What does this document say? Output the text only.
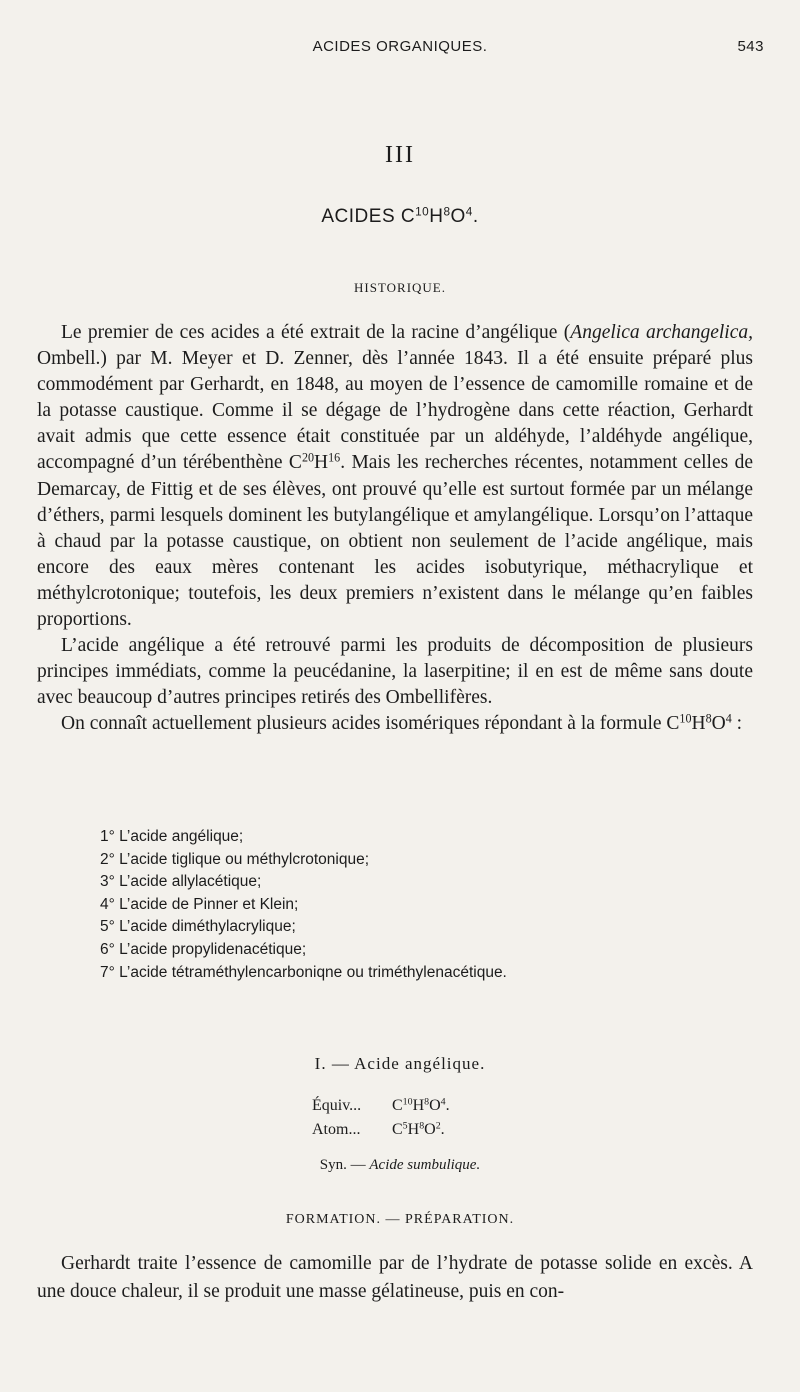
ACIDES ORGANIQUES.	543
III
ACIDES $C^{10}H^8O^4$.
HISTORIQUE.

Le premier de ces acides a été extrait de la racine d’angélique (Angelica archangelica, Ombell.) par M. Meyer et D. Zenner, dès l’année 1843. Il a été ensuite préparé plus commodément par Gerhardt, en 1848, au moyen de l’essence de camomille romaine et de la potasse caustique. Comme il se dégage de l’hydrogène dans cette réaction, Gerhardt avait admis que cette essence était constituée par un aldéhyde, l’aldéhyde angélique, accompagné d’un térébenthène $C^{20}H^{16}$. Mais les recherches récentes, notamment celles de Demarcay, de Fittig et de ses élèves, ont prouvé qu’elle est surtout formée par un mélange d’éthers, parmi lesquels dominent les butylangélique et amylangélique. Lorsqu’on l’attaque à chaud par la potasse caustique, on obtient non seulement de l’acide angélique, mais encore des eaux mères contenant les acides isobutyrique, méthacrylique et méthylcrotonique; toutefois, les deux premiers n’existent dans le mélange qu’en faibles proportions.

L’acide angélique a été retrouvé parmi les produits de décomposition de plusieurs principes immédiats, comme la peucédanine, la laserpitine; il en est de même sans doute avec beaucoup d’autres principes retirés des Ombellifères.

On connaît actuellement plusieurs acides isomériques répondant à la formule $C^{10}H^8O^4$ :

1° L’acide angélique;
2° L’acide tiglique ou méthylcrotonique;
3° L’acide allylacétique;
4° L’acide de Pinner et Klein;
5° L’acide diméthylacrylique;
6° L’acide propylidenacétique;
7° L’acide tétraméthylencarboniqne ou triméthylenacétique.
I. — Acide angélique.
Équiv... $C^{10}H^8O^4$.
Atom... $C^5H^8O^2$.
Syn. — Acide sumbulique.
FORMATION. — PRÉPARATION.

Gerhardt traite l’essence de camomille par de l’hydrate de potasse solide en excès. A une douce chaleur, il se produit une masse gélatineuse, puis en con-
